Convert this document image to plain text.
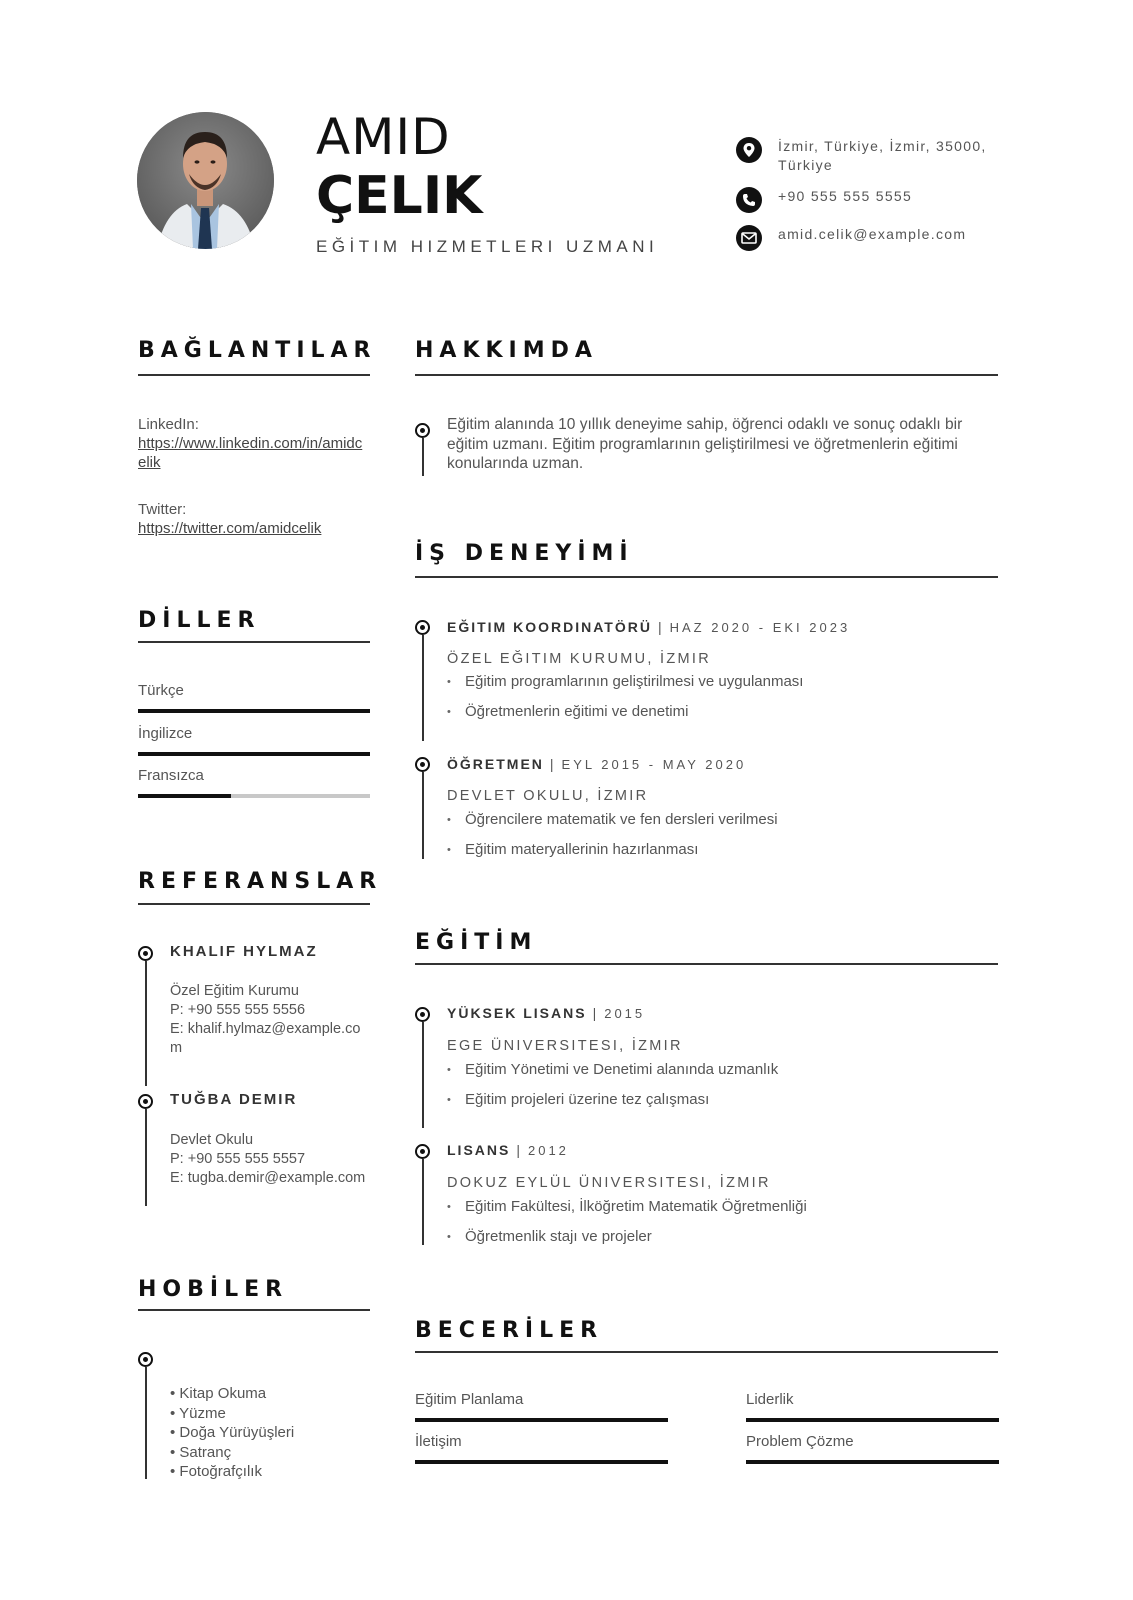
AMID
ÇELIK
EĞİTIM HIZMETLERI UZMANI
İzmir, Türkiye, İzmir, 35000, Türkiye
+90 555 555 5555
amid.celik@example.com
BAĞLANTILAR
LinkedIn:
https://www.linkedin.com/in/amidcelik
Twitter:
https://twitter.com/amidcelik
DİLLER
Türkçe
İngilizce
Fransızca
REFERANSLAR
KHALIF HYLMAZ
Özel Eğitim Kurumu
P: +90 555 555 5556
E: khalif.hylmaz@example.com
TUĞBA DEMIR
Devlet Okulu
P: +90 555 555 5557
E: tugba.demir@example.com
HOBİLER
• Kitap Okuma
• Yüzme
• Doğa Yürüyüşleri
• Satranç
• Fotoğrafçılık
HAKKIMDA
Eğitim alanında 10 yıllık deneyime sahip, öğrenci odaklı ve sonuç odaklı bir eğitim uzmanı. Eğitim programlarının geliştirilmesi ve öğretmenlerin eğitimi konularında uzman.
İŞ DENEYİMİ
EĞITIM KOORDINATÖRÜ | HAZ 2020 - EKI 2023
ÖZEL EĞITIM KURUMU, İZMIR
• Eğitim programlarının geliştirilmesi ve uygulanması
• Öğretmenlerin eğitimi ve denetimi
ÖĞRETMEN | EYL 2015 - MAY 2020
DEVLET OKULU, İZMIR
• Öğrencilere matematik ve fen dersleri verilmesi
• Eğitim materyallerinin hazırlanması
EĞİTİM
YÜKSEK LISANS | 2015
EGE ÜNIVERSITESI, İZMIR
• Eğitim Yönetimi ve Denetimi alanında uzmanlık
• Eğitim projeleri üzerine tez çalışması
LISANS | 2012
DOKUZ EYLÜL ÜNIVERSITESI, İZMIR
• Eğitim Fakültesi, İlköğretim Matematik Öğretmenliği
• Öğretmenlik stajı ve projeler
BECERİLER
Eğitim Planlama	Liderlik
İletişim	Problem Çözme
